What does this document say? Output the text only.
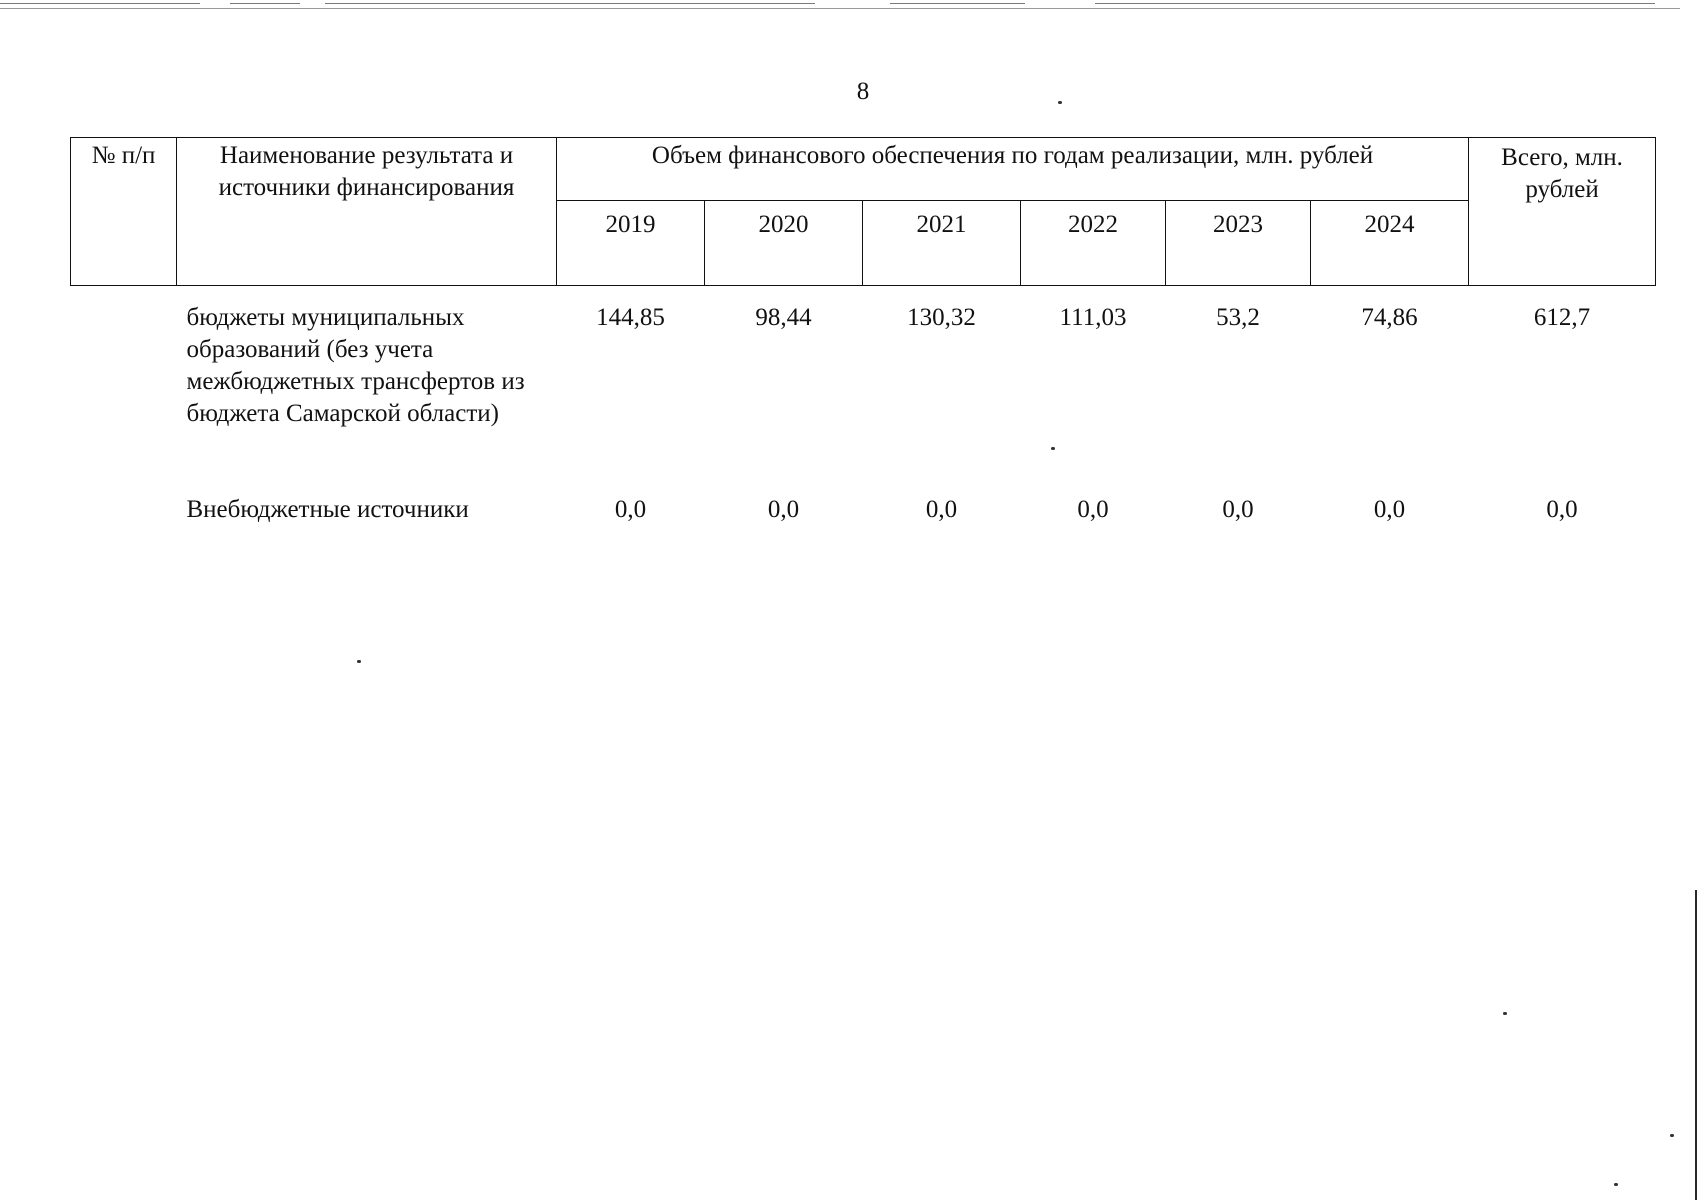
8
№ п/п	Наименование результата и источники финансирования	Объем финансового обеспечения по годам реализации, млн. рублей						Всего, млн. рублей
		2019	2020	2021	2022	2023	2024	
	бюджеты муниципальных образований (без учета межбюджетных трансфертов из бюджета Самарской области)	144,85	98,44	130,32	111,03	53,2	74,86	612,7
	Внебюджетные источники	0,0	0,0	0,0	0,0	0,0	0,0	0,0
